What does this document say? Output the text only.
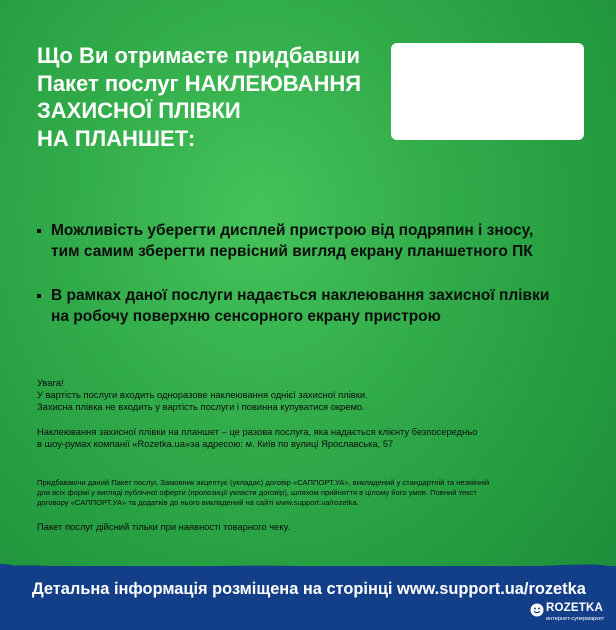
Що Ви отримаєте придбавши
Пакет послуг НАКЛЕЮВАННЯ
ЗАХИСНОЇ ПЛІВКИ
НА ПЛАНШЕТ:
Можливість уберегти дисплей пристрою від подряпин і зносу,
тим самим зберегти первісний вигляд екрану планшетного ПК
В рамках даної послуги надається наклеювання захисної плівки
на робочу поверхню сенсорного екрану пристрою
Увага!
У вартість послуги входить одноразове наклеювання однієї захисної плівки.
Захисна плівка не входить у вартість послуги і повинна купуватися окремо.
Наклеювання захисної плівки на планшет – це разова послуга, яка надається клієнту безпосередньо
в шоу-румах компанії «Rozetka.ua»за адресою: м. Київ по вулиці Ярославська, 57
Придбаваючи даний Пакет послуг, Замовник акцептує (укладає) договір «САППОРТ.УА», викладений у стандартній та незмінній
для всіх формі у вигляді публічної оферти (пропозиції укласти договір), шляхом прийняття в цілому його умов. Повний текст
договору «САППОРТ.УА» та додатків до нього викладений на сайті www.support.ua/rozetka.
Пакет послуг дійсний тільки при наявності товарного чеку.
Детальна інформація розміщена на сторінці www.support.ua/rozetka
ROZETKA
интернет-супермаркет
